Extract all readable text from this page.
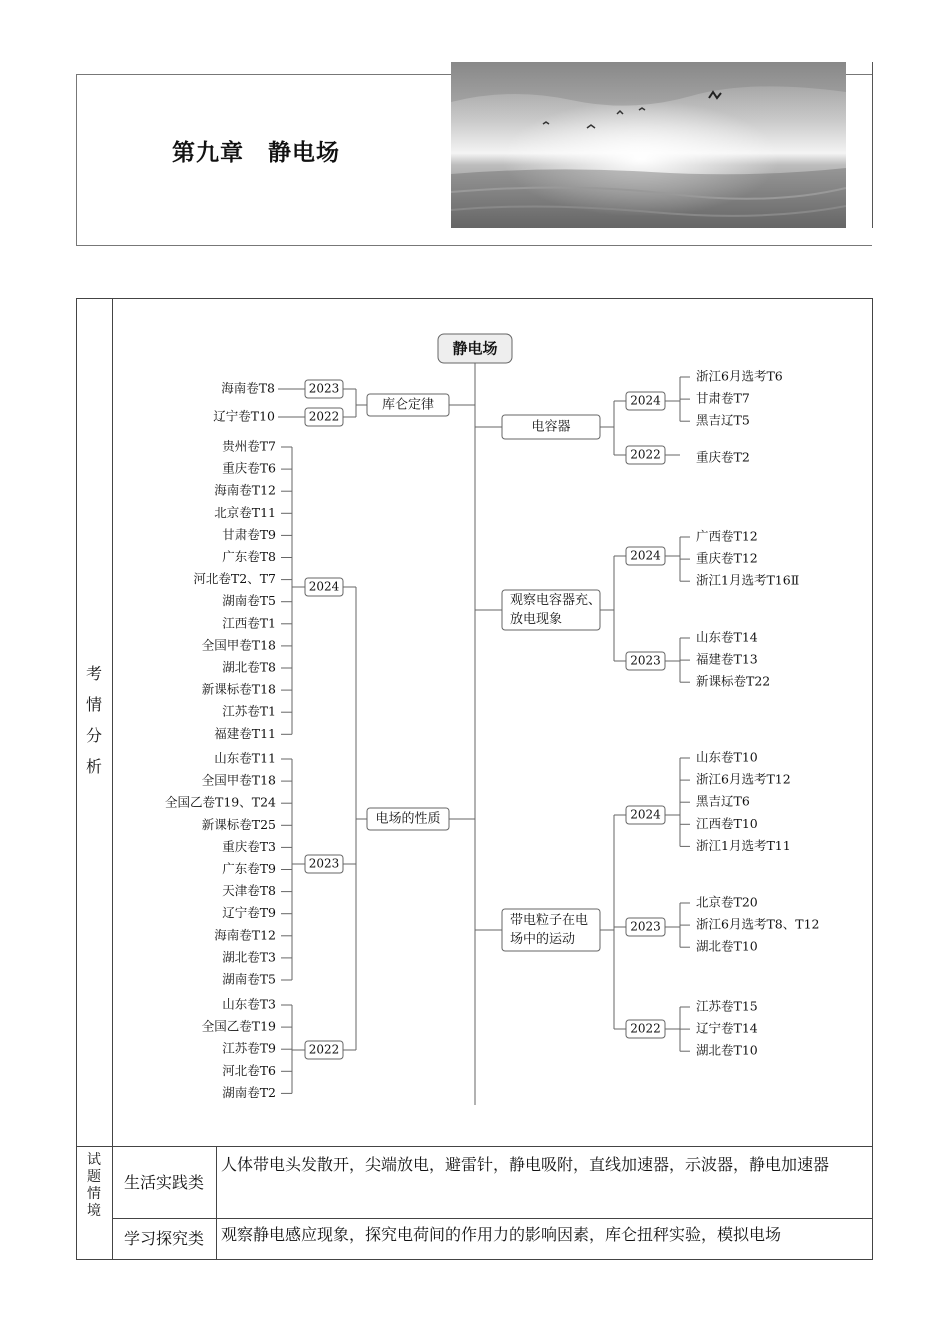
第九章　静电场
考
情
分
析
试
题
情
境
生活实践类
人体带电头发散开，尖端放电，避雷针，静电吸附，直线加速器，示波器，静电加速器
学习探究类	观察静电感应现象，探究电荷间的作用力的影响因素，库仑扭秤实验，模拟电场
静电场
库仑定律
2023
海南卷T8
2022
辽宁卷T10
电场的性质
2024
贵州卷T7
重庆卷T6
海南卷T12
北京卷T11
甘肃卷T9
广东卷T8
河北卷T2、T7
湖南卷T5
江西卷T1
全国甲卷T18
湖北卷T8
新课标卷T18
江苏卷T1
福建卷T11
2023
山东卷T11
全国甲卷T18
全国乙卷T19、T24
新课标卷T25
重庆卷T3
广东卷T9
天津卷T8
辽宁卷T9
海南卷T12
湖北卷T3
湖南卷T5
2022
山东卷T3
全国乙卷T19
江苏卷T9
河北卷T6
湖南卷T2
电容器
2024
浙江6月选考T6
甘肃卷T7
黑吉辽T5
2022	重庆卷T2
观察电容器充、
放电现象
2024
广西卷T12
重庆卷T12
浙江1月选考T16Ⅱ
2023
山东卷T14
福建卷T13
新课标卷T22
带电粒子在电
场中的运动
2024
山东卷T10
浙江6月选考T12
黑吉辽T6
江西卷T10
浙江1月选考T11
2023
北京卷T20
浙江6月选考T8、T12
湖北卷T10
2022
江苏卷T15
辽宁卷T14
湖北卷T10
